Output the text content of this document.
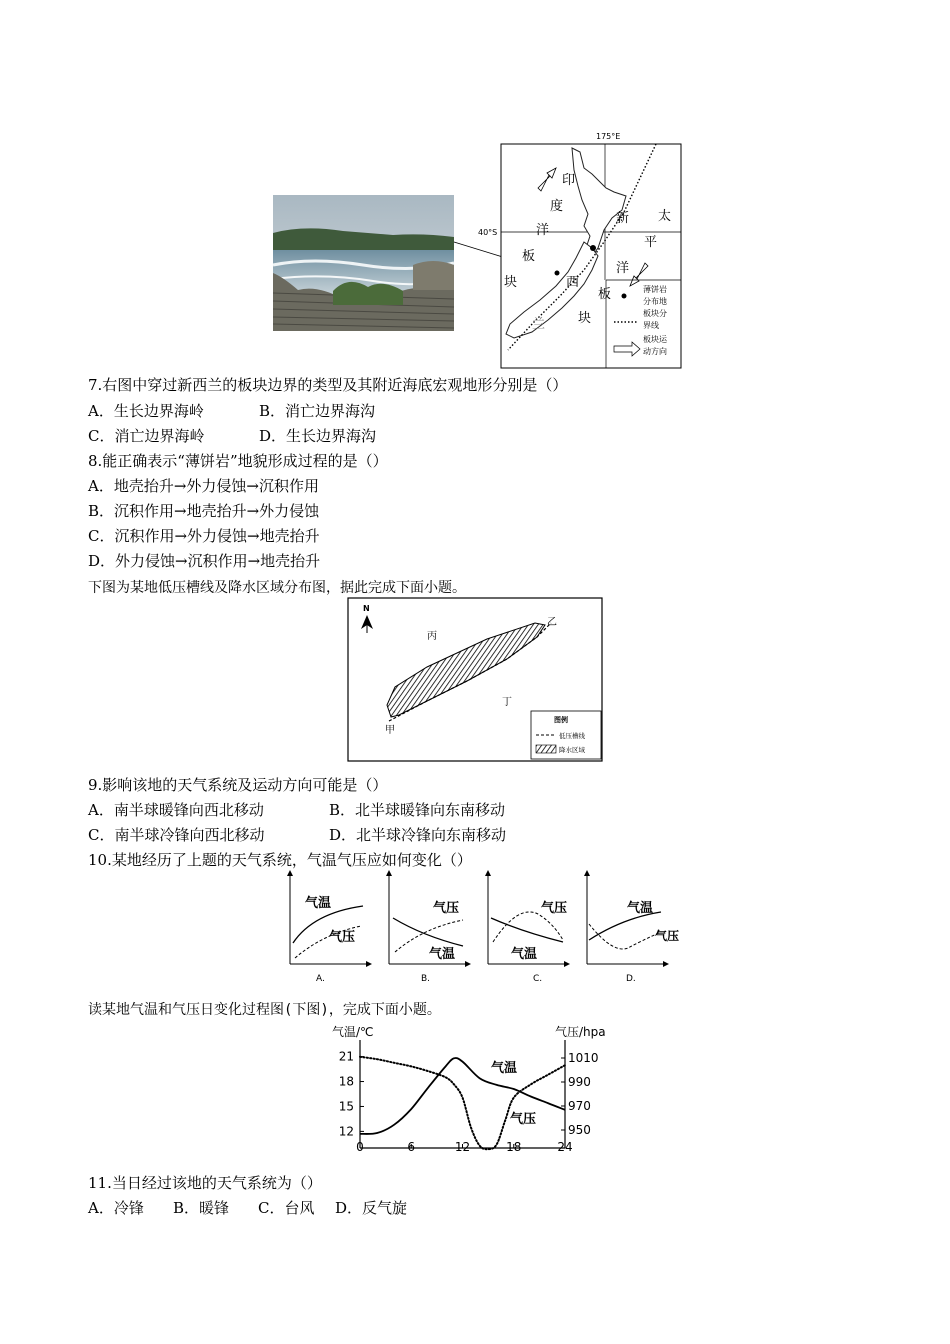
175°E
40°S
印
度
洋
板
块
太
平
洋
板
块
新
西
兰
薄饼岩
分布地
板块分
界线
板块运
动方向
7.右图中穿过新西兰的板块边界的类型及其附近海底宏观地形分别是（）
A．生长边界海岭	B．消亡边界海沟
C．消亡边界海岭	D．生长边界海沟
8.能正确表示“薄饼岩”地貌形成过程的是（）
A．地壳抬升→外力侵蚀→沉积作用
B．沉积作用→地壳抬升→外力侵蚀
C．沉积作用→外力侵蚀→地壳抬升
D．外力侵蚀→沉积作用→地壳抬升
下图为某地低压槽线及降水区域分布图，据此完成下面小题。
N
丙
乙
丁
甲
图例
低压槽线
降水区域
9.影响该地的天气系统及运动方向可能是（）
A．南半球暖锋向西北移动	B．北半球暖锋向东南移动
C．南半球冷锋向西北移动	D．北半球冷锋向东南移动
10.某地经历了上题的天气系统，气温气压应如何变化（）
气温
气压
A.
气压
气温
B.
气压
气温
C.
气温
气压
D.
读某地气温和气压日变化过程图(下图)，完成下面小题。
气温/℃	气压/hpa
0	6	12	18	24
12
15
18
21
950
970
990
1010
气温
气压
11.当日经过该地的天气系统为（）
A．冷锋 B．暖锋 C．台风 D．反气旋
